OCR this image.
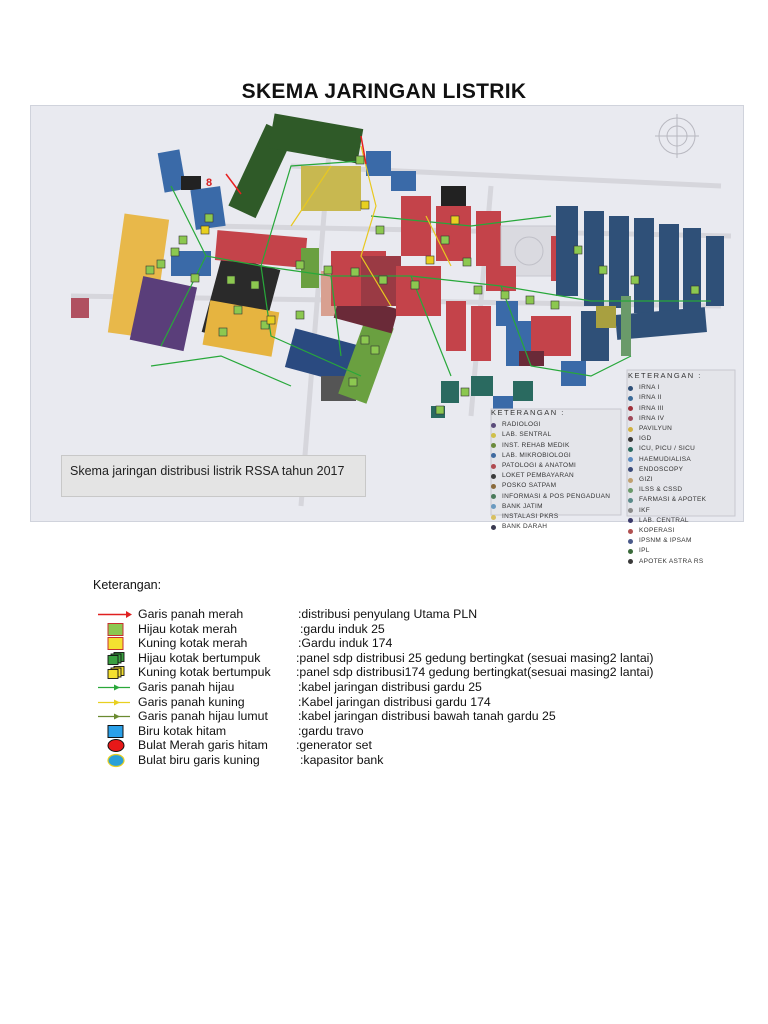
SKEMA JARINGAN LISTRIK
8
KETERANGAN :
RADIOLOGI
LAB. SENTRAL
INST. REHAB MEDIK
LAB. MIKROBIOLOGI
PATOLOGI & ANATOMI
LOKET PEMBAYARAN
POSKO SATPAM
INFORMASI & POS PENGADUAN
BANK JATIM
INSTALASI PKRS
BANK DARAH
KETERANGAN :
IRNA I
IRNA II
IRNA III
IRNA IV
PAVILYUN
IGD
ICU, PICU / SICU
HAEMUDIALISA
ENDOSCOPY
GIZI
ILSS & CSSD
FARMASI & APOTEK
IKF
LAB. CENTRAL
KOPERASI
IPSNM & IPSAM
IPL
APOTEK ASTRA RS
Skema jaringan distribusi listrik RSSA tahun 2017
Keterangan:
Garis panah merah	:distribusi penyulang Utama PLN
Hijau kotak merah	:gardu induk 25
Kuning kotak merah	:Gardu induk 174
Hijau kotak bertumpuk	:panel sdp distribusi 25 gedung bertingkat (sesuai masing2 lantai)
Kuning kotak bertumpuk :panel sdp distribusi174 gedung bertingkat(sesuai masing2 lantai)
Garis panah hijau	:kabel jaringan distribusi gardu 25
Garis panah kuning	:Kabel jaringan distribusi gardu 174
Garis panah hijau lumut :kabel jaringan distribusi bawah tanah gardu 25
Biru kotak hitam	:gardu travo
Bulat Merah garis hitam :generator set
Bulat biru garis kuning	:kapasitor bank
